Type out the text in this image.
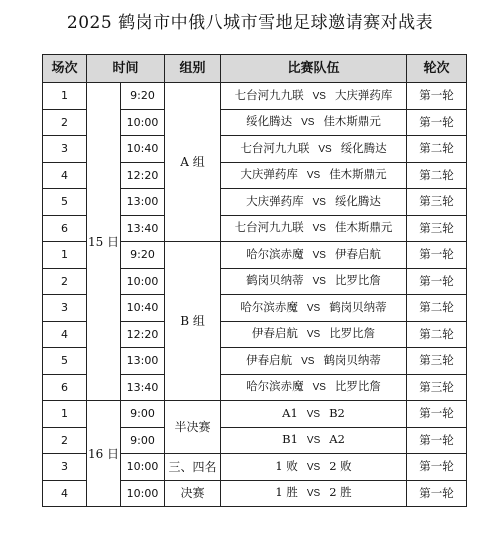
2025 鹤岗市中俄八城市雪地足球邀请赛对战表
场次	时间		组别	比赛队伍	轮次
1	15 日	9:20	A 组	七台河九九联 VS 大庆弹药库	第一轮
2		10:00		绥化腾达 VS 佳木斯鼎元	第一轮
3		10:40		七台河九九联 VS 绥化腾达	第二轮
4		12:20		大庆弹药库 VS 佳木斯鼎元	第二轮
5		13:00		大庆弹药库 VS 绥化腾达	第三轮
6		13:40		七台河九九联 VS 佳木斯鼎元	第三轮
1		9:20	B 组	哈尔滨赤魔 VS 伊春启航	第一轮
2		10:00		鹤岗贝纳蒂 VS 比罗比詹	第一轮
3		10:40		哈尔滨赤魔 VS 鹤岗贝纳蒂	第二轮
4		12:20		伊春启航 VS 比罗比詹	第二轮
5		13:00		伊春启航 VS 鹤岗贝纳蒂	第三轮
6		13:40		哈尔滨赤魔 VS 比罗比詹	第三轮
1	16 日	9:00	半决赛	A1 VS B2	第一轮
2		9:00		B1 VS A2	第一轮
3		10:00	三、四名	1 败 VS 2 败	第一轮
4		10:00	决赛	1 胜 VS 2 胜	第一轮
